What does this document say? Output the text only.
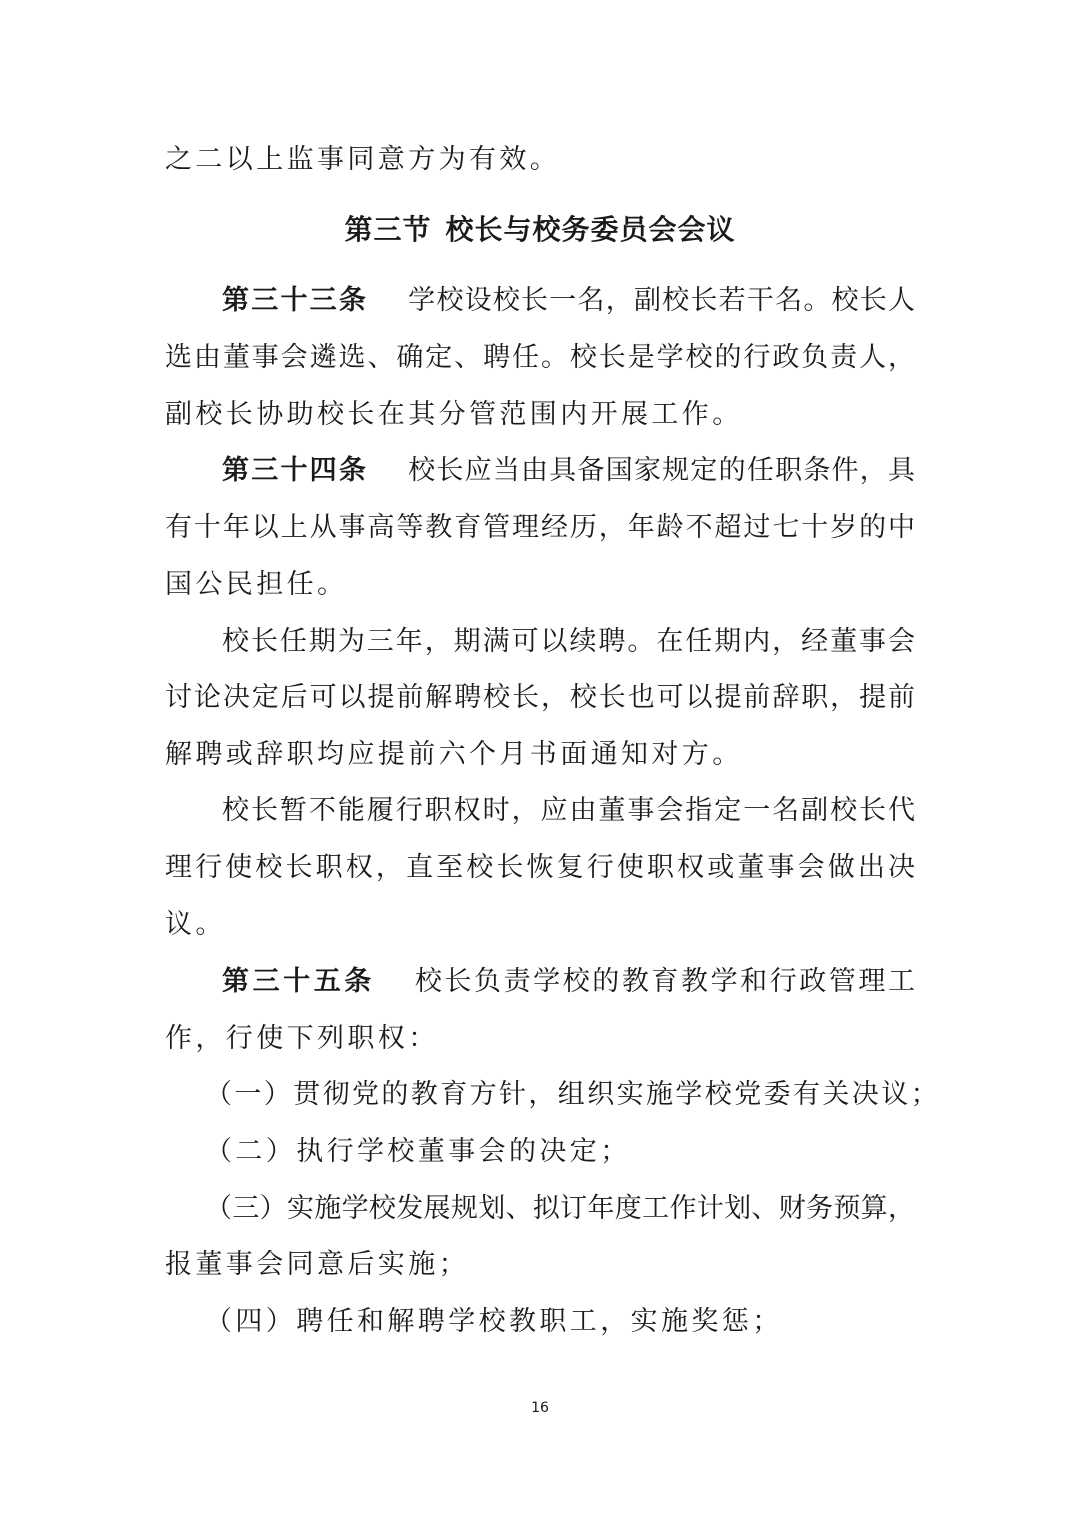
之二以上监事同意方为有效。
第三节 校长与校务委员会会议
第三十三条 学校设校长一名，副校长若干名。校长人
选由董事会遴选、确定、聘任。校长是学校的行政负责人，
副校长协助校长在其分管范围内开展工作。
第三十四条 校长应当由具备国家规定的任职条件，具
有十年以上从事高等教育管理经历，年龄不超过七十岁的中
国公民担任。
校长任期为三年，期满可以续聘。在任期内，经董事会
讨论决定后可以提前解聘校长，校长也可以提前辞职，提前
解聘或辞职均应提前六个月书面通知对方。
校长暂不能履行职权时，应由董事会指定一名副校长代
理行使校长职权，直至校长恢复行使职权或董事会做出决
议。
第三十五条 校长负责学校的教育教学和行政管理工
作，行使下列职权：
（一）贯彻党的教育方针，组织实施学校党委有关决议；
（二）执行学校董事会的决定；
（三）实施学校发展规划、拟订年度工作计划、财务预算，
报董事会同意后实施；
（四）聘任和解聘学校教职工，实施奖惩；
16
